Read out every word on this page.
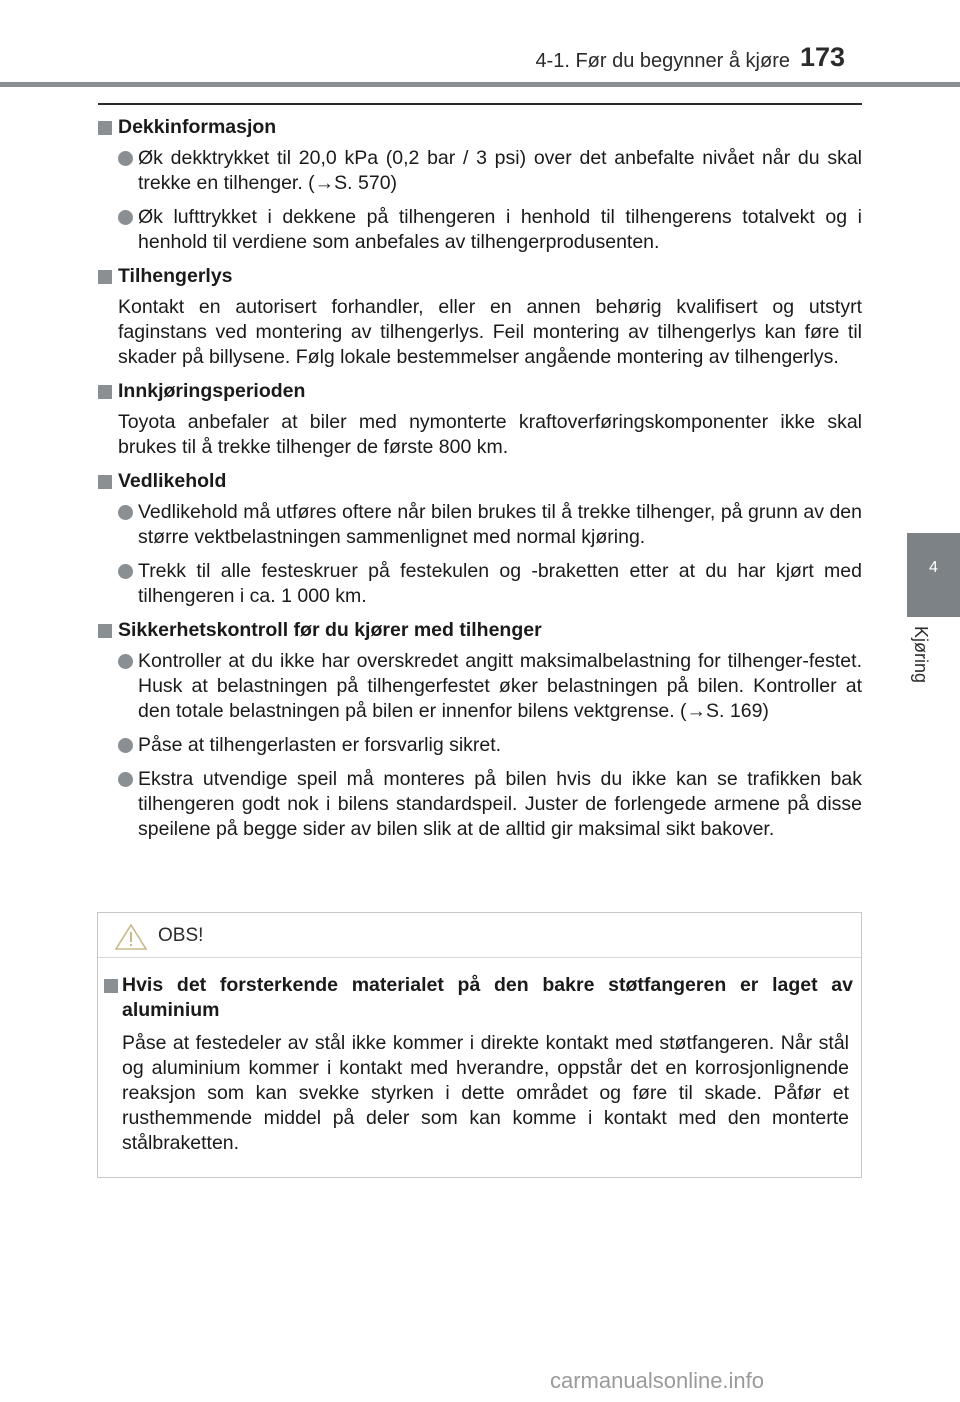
4-1. Før du begynner å kjøre 173
4
Kjøring
Dekkinformasjon
Øk dekktrykket til 20,0 kPa (0,2 bar / 3 psi) over det anbefalte nivået når du skal trekke en tilhenger. (→S. 570)
Øk lufttrykket i dekkene på tilhengeren i henhold til tilhengerens totalvekt og i henhold til verdiene som anbefales av tilhengerprodusenten.
Tilhengerlys
Kontakt en autorisert forhandler, eller en annen behørig kvalifisert og utstyrt faginstans ved montering av tilhengerlys. Feil montering av tilhengerlys kan føre til skader på billysene. Følg lokale bestemmelser angående montering av tilhengerlys.
Innkjøringsperioden
Toyota anbefaler at biler med nymonterte kraftoverføringskomponenter ikke skal brukes til å trekke tilhenger de første 800 km.
Vedlikehold
Vedlikehold må utføres oftere når bilen brukes til å trekke tilhenger, på grunn av den større vektbelastningen sammenlignet med normal kjøring.
Trekk til alle festeskruer på festekulen og -braketten etter at du har kjørt med tilhengeren i ca. 1 000 km.
Sikkerhetskontroll før du kjører med tilhenger
Kontroller at du ikke har overskredet angitt maksimalbelastning for tilhenger-festet. Husk at belastningen på tilhengerfestet øker belastningen på bilen. Kontroller at den totale belastningen på bilen er innenfor bilens vektgrense. (→S. 169)
Påse at tilhengerlasten er forsvarlig sikret.
Ekstra utvendige speil må monteres på bilen hvis du ikke kan se trafikken bak tilhengeren godt nok i bilens standardspeil. Juster de forlengede armene på disse speilene på begge sider av bilen slik at de alltid gir maksimal sikt bakover.
OBS!
Hvis det forsterkende materialet på den bakre støtfangeren er laget av aluminium
Påse at festedeler av stål ikke kommer i direkte kontakt med støtfangeren. Når stål og aluminium kommer i kontakt med hverandre, oppstår det en korrosjonlignende reaksjon som kan svekke styrken i dette området og føre til skade. Påfør et rusthemmende middel på deler som kan komme i kontakt med den monterte stålbraketten.
carmanualsonline.info
